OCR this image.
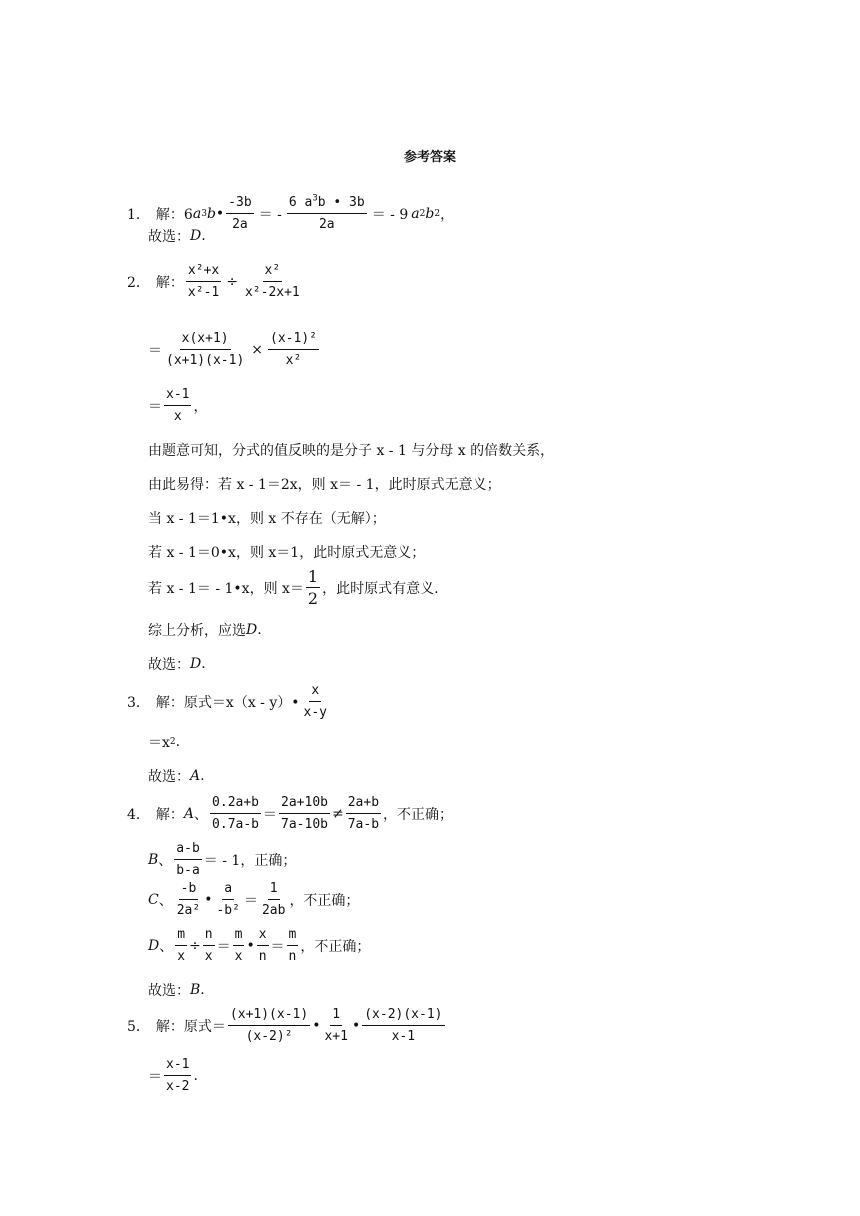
参考答案
1． 解：6 a 3 b • $\frac{-3b}{2a}$ ＝ - $\frac{6 a^3b • 3b}{2a}$ ＝ - 9 a 2 b 2 ，
故选： D .
2． 解： $\frac{\text{x²+x}}{\text{x²-1}} \div \frac{\text{x²}}{\text{x²-2x+1}}$
＝ $\frac{x(x+1)}{(x+1)(x-1)} \times \frac{\text{(x-1)²}}{\text{x²}}$
＝ $\frac{x-1}{x}$ ，
由题意可知，分式的值反映的是分子 x - 1 与分母 x 的倍数关系，
由此易得：若 x - 1＝2x，则 x＝ - 1，此时原式无意义；
当 x - 1＝1•x，则 x 不存在（无解）；
若 x - 1＝0•x，则 x＝1，此时原式无意义；
若 x - 1＝ - 1•x，则 $x= \frac{1}{2}$ ，此时原式有意义.
综上分析，应选 D .
故选： D .
3． 解：原式＝x（x - y）• $\frac{x}{x-y}$
＝x 2 .
故选： A .
4． 解： A 、 $\frac{0.2a+b}{0.7a-b} = \frac{2a+10b}{7a-10b} \ne \frac{2a+b}{7a-b}$ ，不正确；
B 、 $\frac{a-b}{b-a}$ ＝ - 1，正确；
C 、 $\frac{-b}{\text{2a²}}$ • $\frac{a}{\text{-b²}} = \frac{1}{2ab}$ ，不正确；
D 、 $\frac{m}{x} \div \frac{n}{x} = \frac{m}{x}$ • $\frac{x}{n} = \frac{m}{n}$ ，不正确；
故选： B .
5． 解：原式＝ $\frac{(x+1)(x-1)}{\text{(x-2)²}}$ • $\frac{1}{x+1}$ • $\frac{(x-2)(x-1)}{x-1}$
＝ $\frac{x-1}{x-2}$ .
